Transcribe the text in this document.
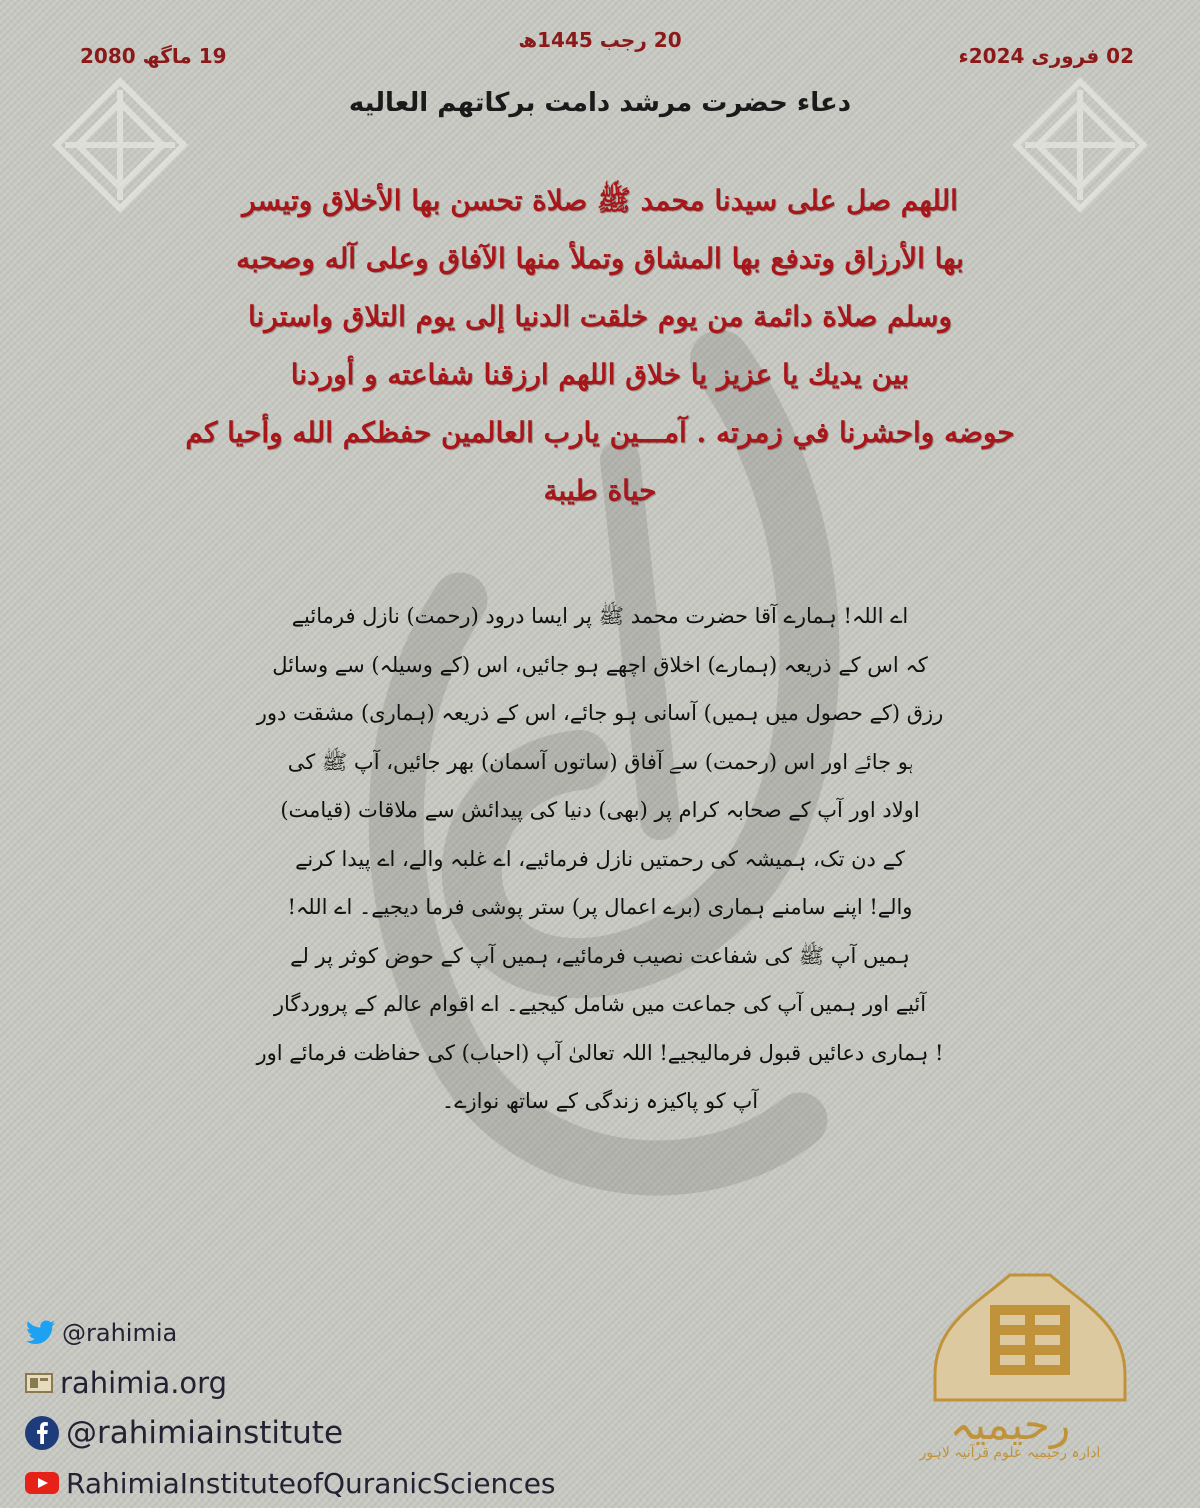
02 فروری 2024ء
20 رجب 1445ھ
19 ماگھ 2080
دعاء حضرت مرشد دامت برکاتهم العاليه
اللهم صل على سيدنا محمد ﷺ صلاة تحسن بها الأخلاق وتيسر
بها الأرزاق وتدفع بها المشاق وتملأ منها الآفاق وعلى آله وصحبه
وسلم صلاة دائمة من يوم خلقت الدنيا إلى يوم التلاق واسترنا
بين يديك يا عزيز يا خلاق اللهم ارزقنا شفاعته و أوردنا
حوضه واحشرنا في زمرته . آمـــين يارب العالمين حفظكم الله وأحيا كم
حياة طيبة
اے اللہ! ہمارے آقا حضرت محمد ﷺ پر ایسا درود (رحمت) نازل فرمائیے
کہ اس کے ذریعہ (ہمارے) اخلاق اچھے ہو جائیں، اس (کے وسیلہ) سے وسائل
رزق (کے حصول میں ہمیں) آسانی ہو جائے، اس کے ذریعہ (ہماری) مشقت دور
ہو جائے اور اس (رحمت) سے آفاق (ساتوں آسمان) بھر جائیں، آپ ﷺ کی
اولاد اور آپ کے صحابہ کرام پر (بھی) دنیا کی پیدائش سے ملاقات (قیامت)
کے دن تک، ہمیشہ کی رحمتیں نازل فرمائیے، اے غلبہ والے، اے پیدا کرنے
والے! اپنے سامنے ہماری (برے اعمال پر) ستر پوشی فرما دیجیے۔ اے اللہ!
ہمیں آپ ﷺ کی شفاعت نصیب فرمائیے، ہمیں آپ کے حوض کوثر پر لے
آئیے اور ہمیں آپ کی جماعت میں شامل کیجیے۔ اے اقوام عالم کے پروردگار
! ہماری دعائیں قبول فرمالیجیے! اللہ تعالیٰ آپ (احباب) کی حفاظت فرمائے اور
آپ کو پاکیزہ زندگی کے ساتھ نوازے۔
@rahimia
rahimia.org
@rahimiainstitute
RahimiaInstituteofQuranicSciences
رحیمیہ
ادارہ رحیمیہ علوم قرآنیہ لاہور
